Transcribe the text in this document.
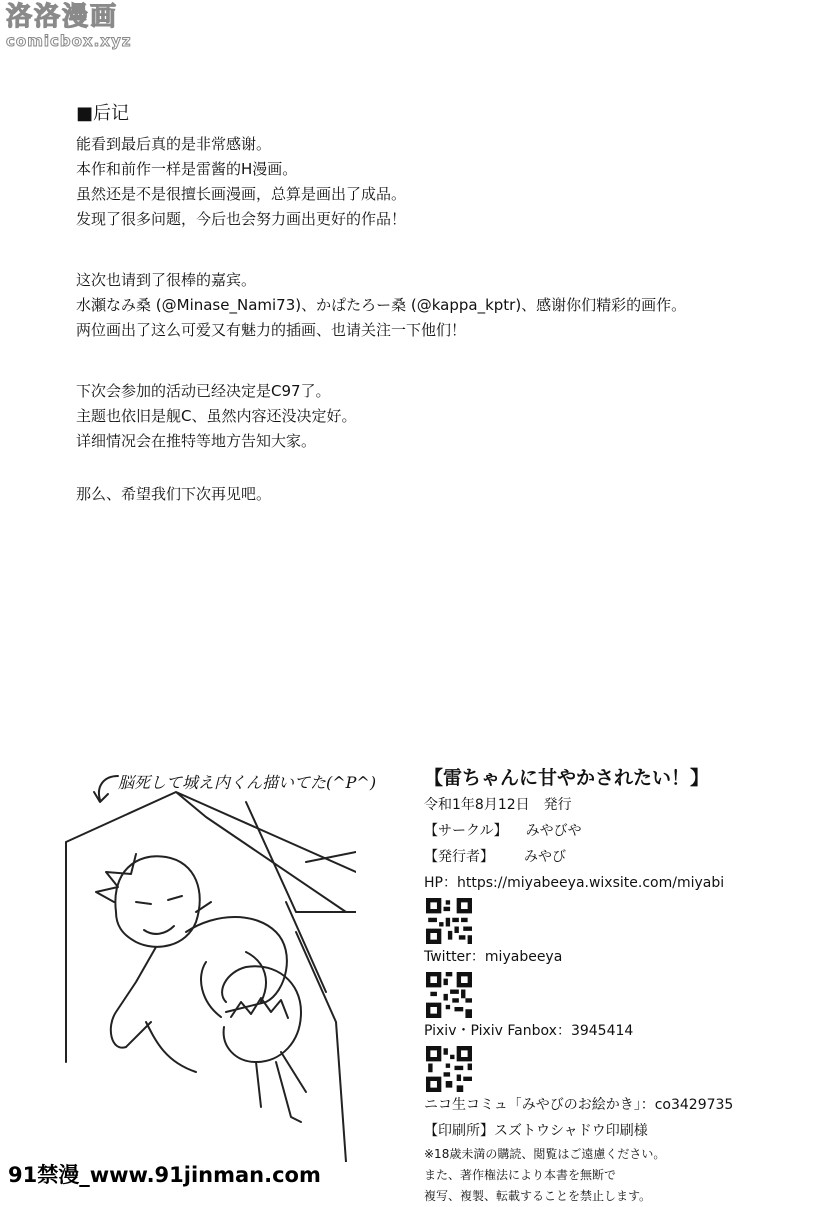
洛洛漫画
comicbox.xyz
■后记

能看到最后真的是非常感谢。

本作和前作一样是雷酱的H漫画。

虽然还是不是很擅长画漫画，总算是画出了成品。

发现了很多问题，今后也会努力画出更好的作品！

这次也请到了很棒的嘉宾。

水瀬なみ桑 (@Minase_Nami73)、かぱたろー桑 (@kappa_kptr)、感谢你们精彩的画作。

两位画出了这么可爱又有魅力的插画、也请关注一下他们！

下次会参加的活动已经决定是C97了。

主题也依旧是舰C、虽然内容还没决定好。

详细情况会在推特等地方告知大家。

那么、希望我们下次再见吧。

脳死して城え内くん描いてた(^P^)	【雷ちゃんに甘やかされたい！】
令和1年8月12日　発行
【サークル】 みやびや
【発行者】 みやび
HP：https://miyabeeya.wixsite.com/miyabi
Twitter：miyabeeya
Pixiv・Pixiv Fanbox：3945414
ニコ生コミュ「みやびのお絵かき」：co3429735
【印刷所】スズトウシャドウ印刷様
※18歳未満の購読、閲覧はご遠慮ください。
また、著作権法により本書を無断で
複写、複製、転載することを禁止します。
91禁漫_www.91jinman.com
